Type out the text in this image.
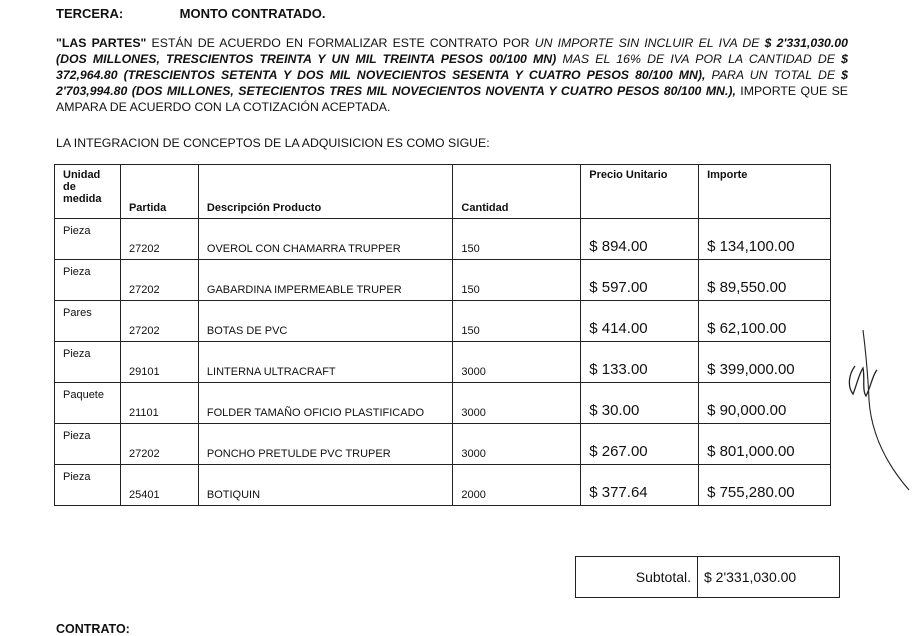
TERCERA:	MONTO CONTRATADO.
"LAS PARTES" ESTÁN DE ACUERDO EN FORMALIZAR ESTE CONTRATO POR UN IMPORTE SIN INCLUIR EL IVA DE $ 2'331,030.00 (DOS MILLONES, TRESCIENTOS TREINTA Y UN MIL TREINTA PESOS 00/100 MN) MAS EL 16% DE IVA POR LA CANTIDAD DE $ 372,964.80 (TRESCIENTOS SETENTA Y DOS MIL NOVECIENTOS SESENTA Y CUATRO PESOS 80/100 MN), PARA UN TOTAL DE $ 2'703,994.80 (DOS MILLONES, SETECIENTOS TRES MIL NOVECIENTOS NOVENTA Y CUATRO PESOS 80/100 MN.), IMPORTE QUE SE AMPARA DE ACUERDO CON LA COTIZACIÓN ACEPTADA.
LA INTEGRACION DE CONCEPTOS DE LA ADQUISICION ES COMO SIGUE:
Unidad de medida	Partida	Descripción Producto	Cantidad	Precio Unitario	Importe
Pieza	27202	OVEROL CON CHAMARRA TRUPPER	150	$ 894.00	$ 134,100.00
Pieza	27202	GABARDINA IMPERMEABLE TRUPER	150	$ 597.00	$ 89,550.00
Pares	27202	BOTAS DE PVC	150	$ 414.00	$ 62,100.00
Pieza	29101	LINTERNA ULTRACRAFT	3000	$ 133.00	$ 399,000.00
Paquete	21101	FOLDER TAMAÑO OFICIO PLASTIFICADO	3000	$ 30.00	$ 90,000.00
Pieza	27202	PONCHO PRETULDE PVC TRUPER	3000	$ 267.00	$ 801,000.00
Pieza	25401	BOTIQUIN	2000	$ 377.64	$ 755,280.00
Subtotal. $ 2'331,030.00
CONTRATO:
